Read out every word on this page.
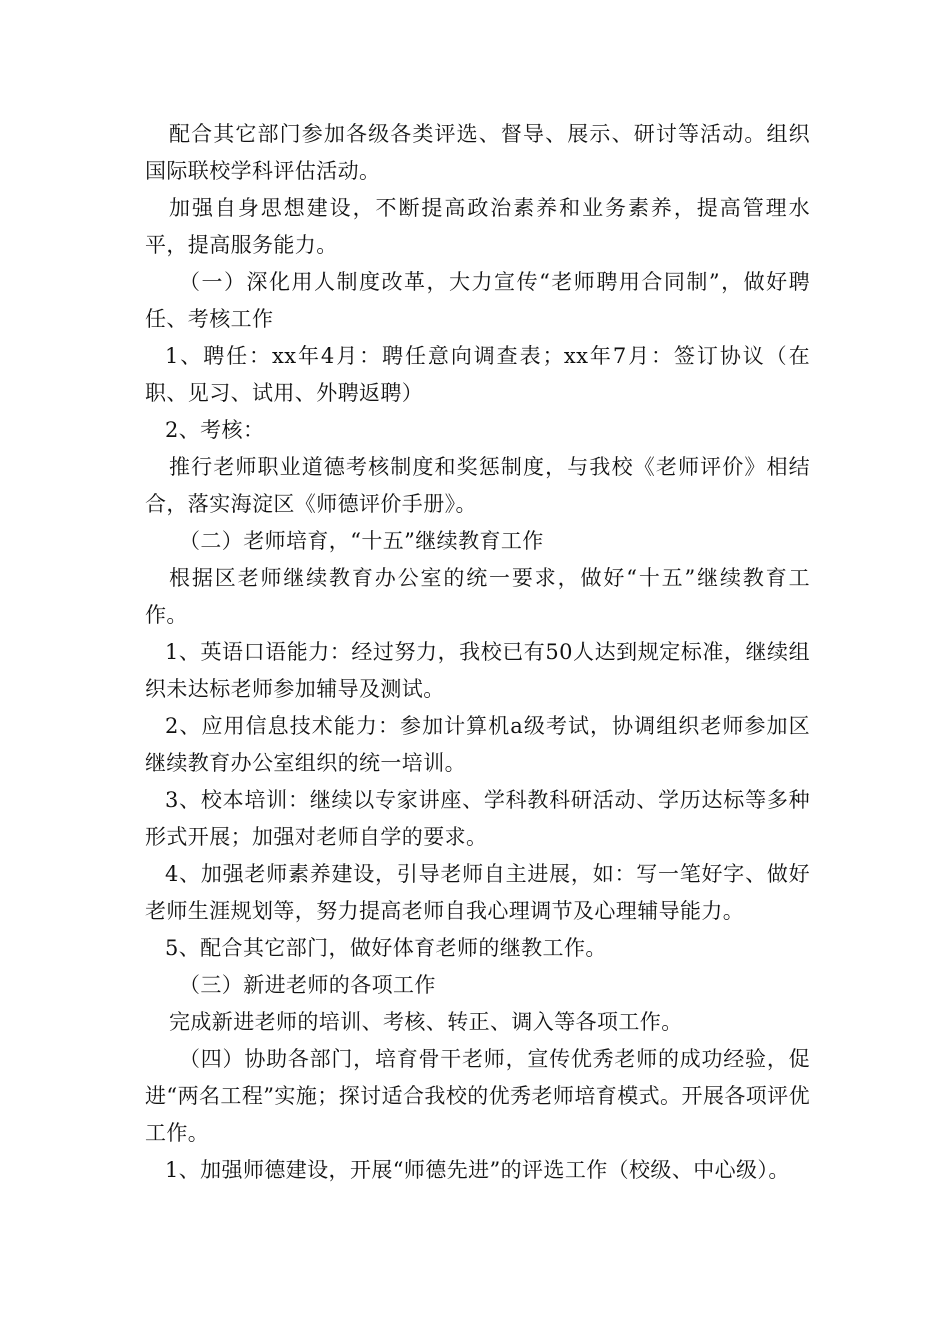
配合其它部门参加各级各类评选、督导、展示、研讨等活动。组织国际联校学科评估活动。

加强自身思想建设，不断提高政治素养和业务素养，提高管理水平，提高服务能力。

（一）深化用人制度改革，大力宣传“老师聘用合同制”，做好聘任、考核工作

1、聘任：xx年4月：聘任意向调查表；xx年7月：签订协议（在职、见习、试用、外聘返聘）

2、考核：

推行老师职业道德考核制度和奖惩制度，与我校《老师评价》相结合，落实海淀区《师德评价手册》。

（二）老师培育，“十五”继续教育工作

根据区老师继续教育办公室的统一要求，做好“十五”继续教育工作。

1、英语口语能力：经过努力，我校已有50人达到规定标准，继续组织未达标老师参加辅导及测试。

2、应用信息技术能力：参加计算机a级考试，协调组织老师参加区继续教育办公室组织的统一培训。

3、校本培训：继续以专家讲座、学科教科研活动、学历达标等多种形式开展；加强对老师自学的要求。

4、加强老师素养建设，引导老师自主进展，如：写一笔好字、做好老师生涯规划等，努力提高老师自我心理调节及心理辅导能力。

5、配合其它部门，做好体育老师的继教工作。

（三）新进老师的各项工作

完成新进老师的培训、考核、转正、调入等各项工作。

（四）协助各部门，培育骨干老师，宣传优秀老师的成功经验，促进“两名工程”实施；探讨适合我校的优秀老师培育模式。开展各项评优工作。

1、加强师德建设，开展“师德先进”的评选工作（校级、中心级）。
